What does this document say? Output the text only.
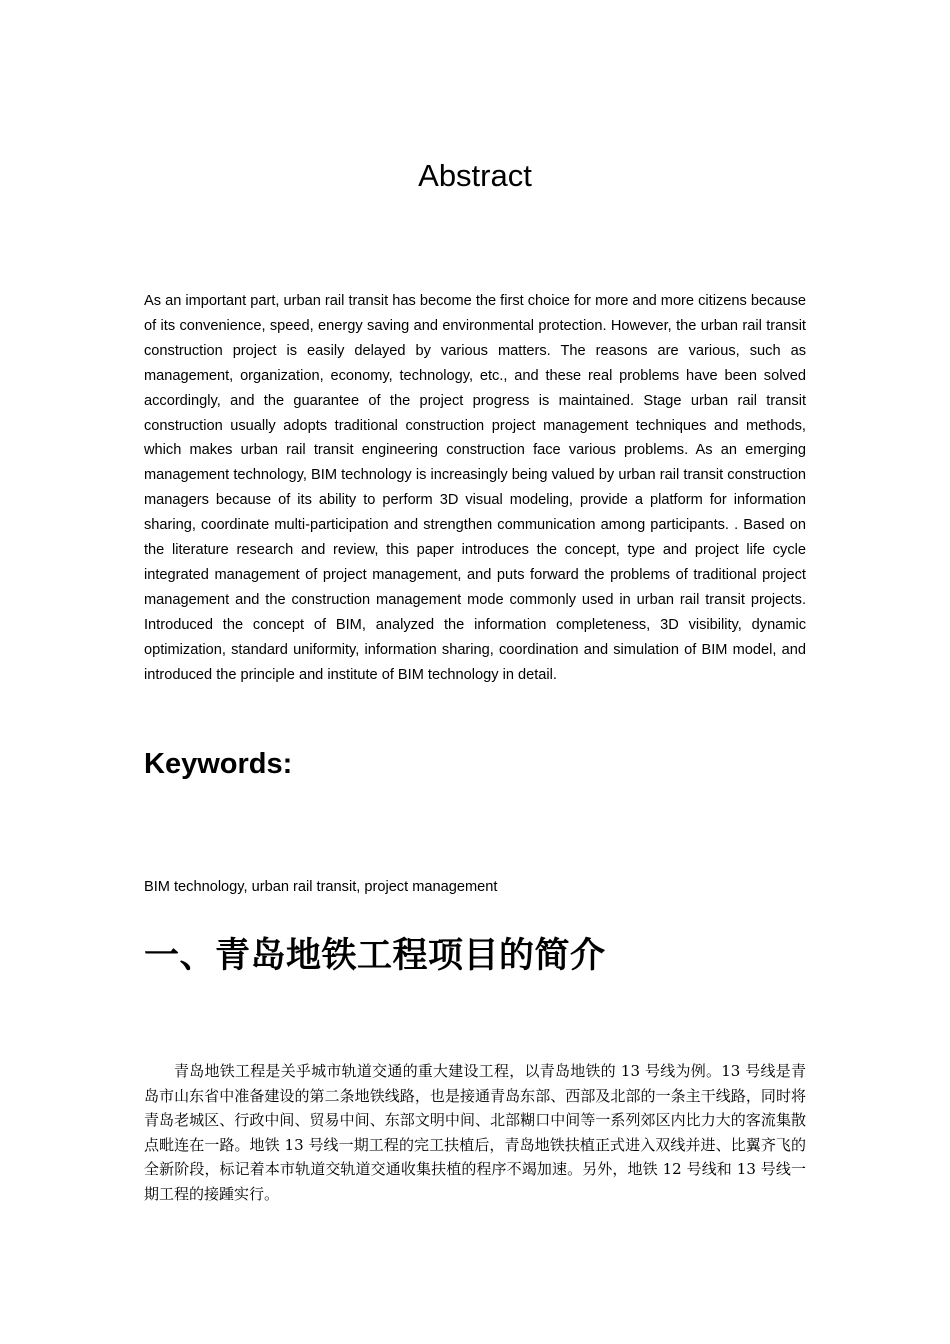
Abstract

As an important part, urban rail transit has become the first choice for more and more citizens because of its convenience, speed, energy saving and environmental protection. However, the urban rail transit construction project is easily delayed by various matters. The reasons are various, such as management, organization, economy, technology, etc., and these real problems have been solved accordingly, and the guarantee of the project progress is maintained. Stage urban rail transit construction usually adopts traditional construction project management techniques and methods, which makes urban rail transit engineering construction face various problems. As an emerging management technology, BIM technology is increasingly being valued by urban rail transit construction managers because of its ability to perform 3D visual modeling, provide a platform for information sharing, coordinate multi-participation and strengthen communication among participants. . Based on the literature research and review, this paper introduces the concept, type and project life cycle integrated management of project management, and puts forward the problems of traditional project management and the construction management mode commonly used in urban rail transit projects. Introduced the concept of BIM, analyzed the information completeness, 3D visibility, dynamic optimization, standard uniformity, information sharing, coordination and simulation of BIM model, and introduced the principle and institute of BIM technology in detail.

Keywords:

BIM technology, urban rail transit, project management

一、青岛地铁工程项目的简介

青岛地铁工程是关乎城市轨道交通的重大建设工程，以青岛地铁的 13 号线为例。13 号线是青岛市山东省中准备建设的第二条地铁线路，也是接通青岛东部、西部及北部的一条主干线路，同时将青岛老城区、行政中间、贸易中间、东部文明中间、北部糊口中间等一系列郊区内比力大的客流集散点毗连在一路。地铁 13 号线一期工程的完工扶植后，青岛地铁扶植正式进入双线并进、比翼齐飞的全新阶段，标记着本市轨道交轨道交通收集扶植的程序不竭加速。另外，地铁 12 号线和 13 号线一期工程的接踵实行。
